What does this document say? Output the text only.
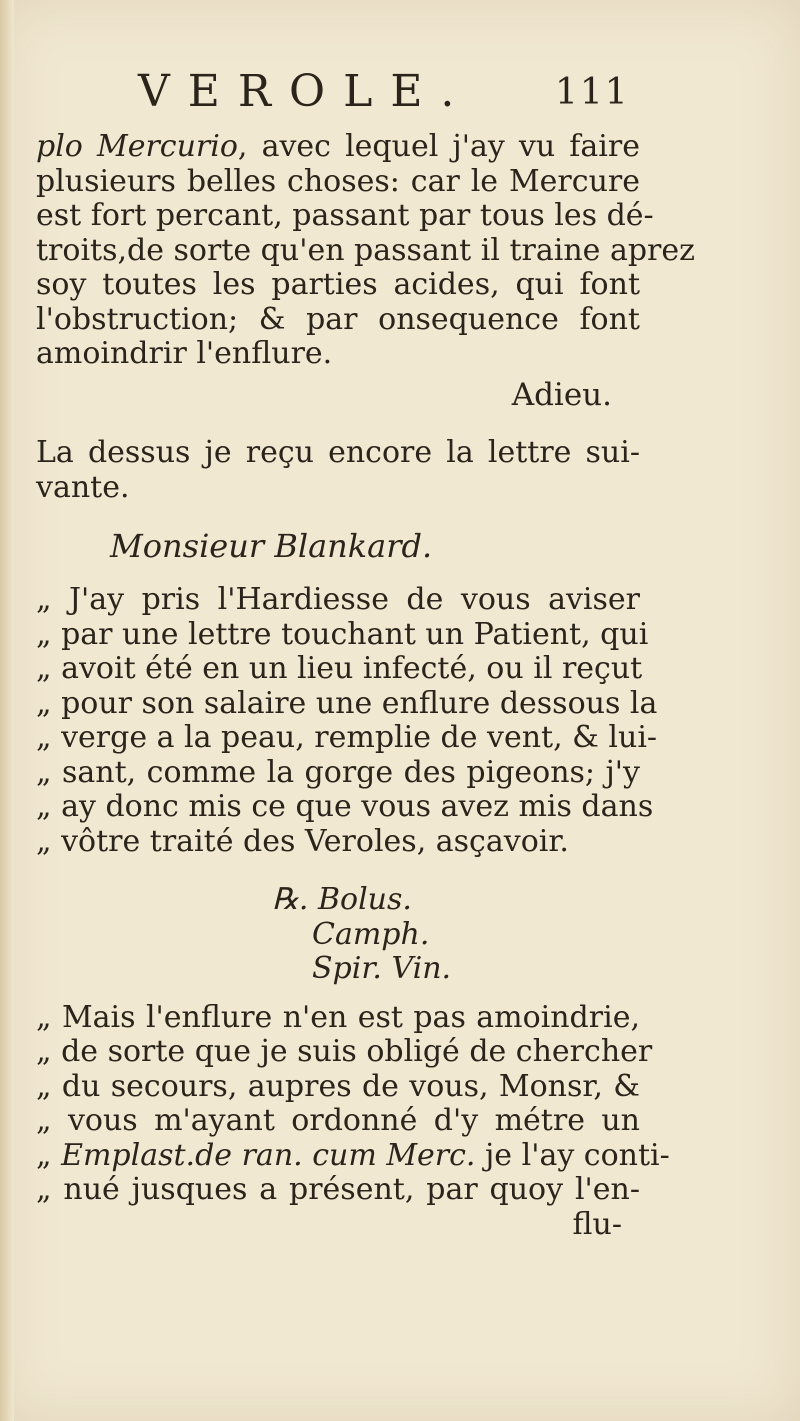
VEROLE. 111
plo Mercurio, avec lequel j'ay vu faire
plusieurs belles choses: car le Mercure
est fort percant, passant par tous les dé-
troits,de sorte qu'en passant il traine aprez
soy toutes les parties acides, qui font
l'obstruction; & par onsequence font
amoindrir l'enflure.
Adieu.
La dessus je reçu encore la lettre sui-
vante.
Monsieur Blankard.
„ J'ay pris l'Hardiesse de vous aviser
„ par une lettre touchant un Patient, qui
„ avoit été en un lieu infecté, ou il reçut
„ pour son salaire une enflure dessous la
„ verge a la peau, remplie de vent, & lui-
„ sant, comme la gorge des pigeons; j'y
„ ay donc mis ce que vous avez mis dans
„ vôtre traité des Veroles, asçavoir.
℞. Bolus.
Camph.
Spir. Vin.
„ Mais l'enflure n'en est pas amoindrie,
„ de sorte que je suis obligé de chercher
„ du secours, aupres de vous, Monsr, &
„ vous m'ayant ordonné d'y métre un
„ Emplast.de ran. cum Merc. je l'ay conti-
„ nué jusques a présent, par quoy l'en-
flu-
